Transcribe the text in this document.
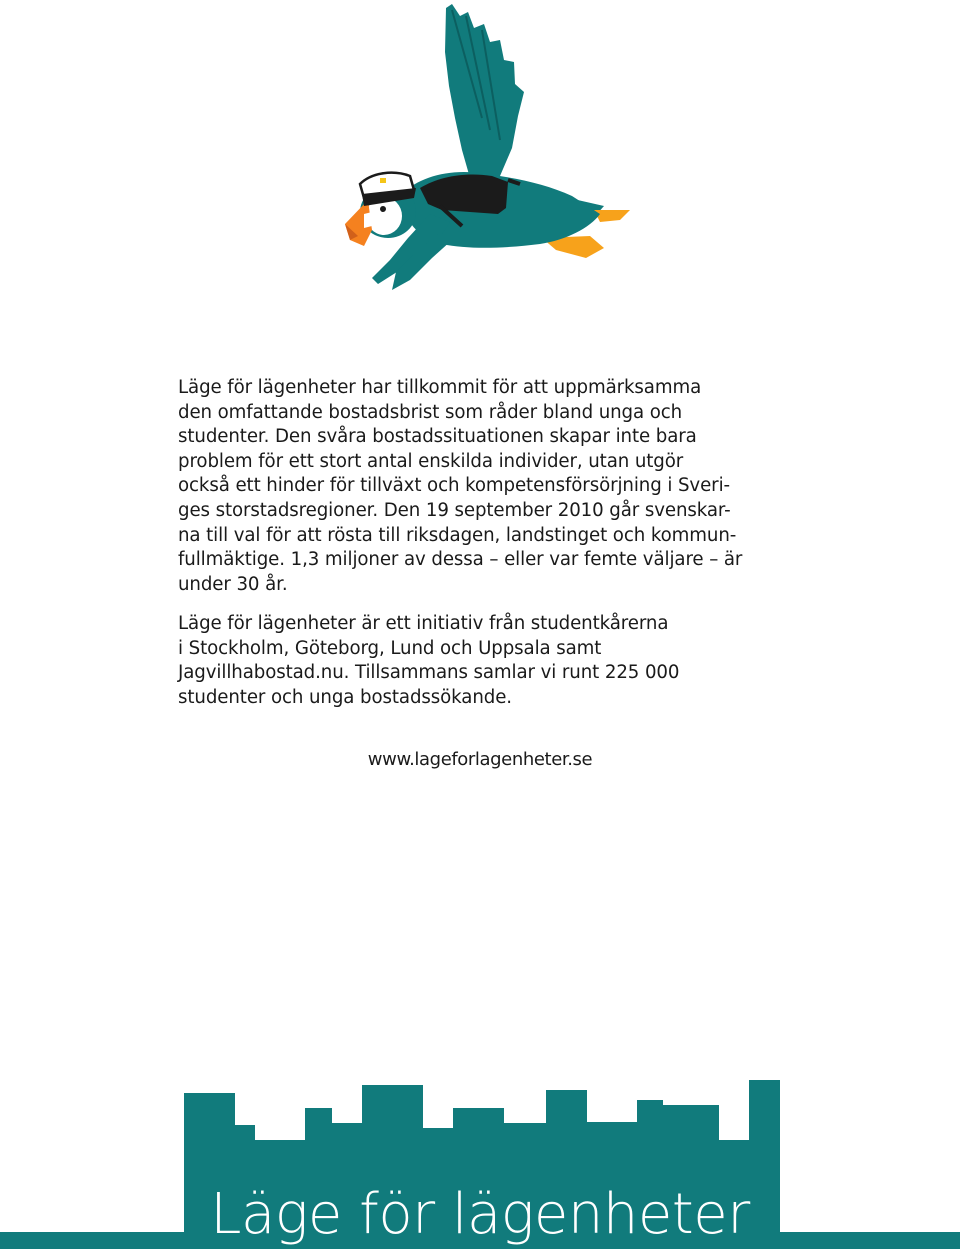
Läge för lägenheter har tillkommit för att uppmärksamma

den omfattande bostadsbrist som råder bland unga och

studenter. Den svåra bostadssituationen skapar inte bara

problem för ett stort antal enskilda individer, utan utgör

också ett hinder för tillväxt och kompetensförsörjning i Sveri-

ges storstadsregioner. Den 19 september 2010 går svenskar-

na till val för att rösta till riksdagen, landstinget och kommun-

fullmäktige. 1,3 miljoner av dessa – eller var femte väljare – är

under 30 år.

Läge för lägenheter är ett initiativ från studentkårerna

i Stockholm, Göteborg, Lund och Uppsala samt

Jagvillhabostad.nu. Tillsammans samlar vi runt 225 000

studenter och unga bostadssökande.

www.lageforlagenheter.se
Läge för lägenheter
